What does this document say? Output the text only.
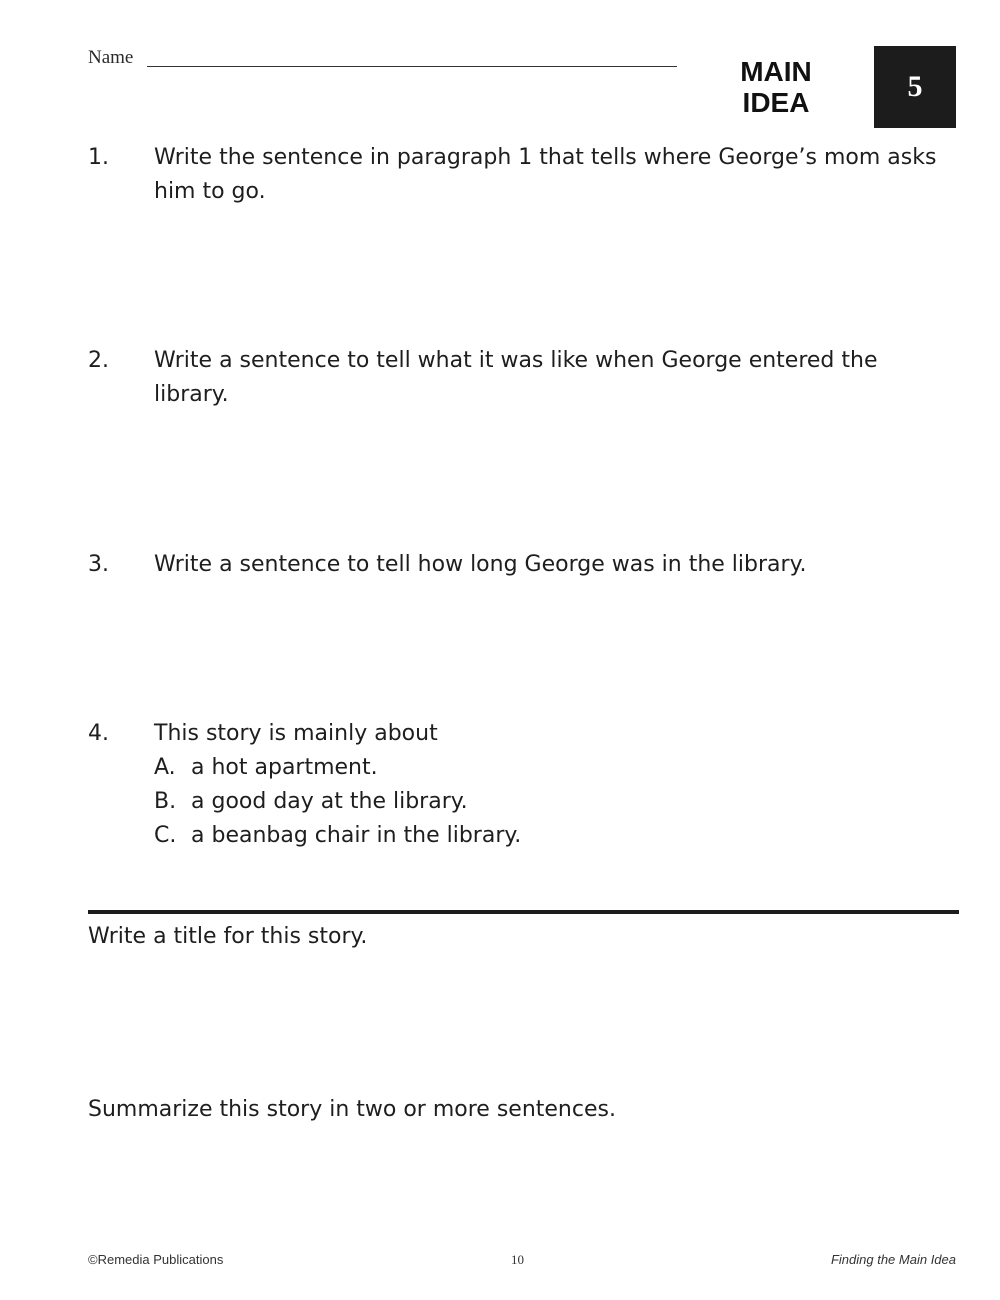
Name	MAIN
IDEA	5
1. Write the sentence in paragraph 1 that tells where George’s mom asks him to go.
2. Write a sentence to tell what it was like when George entered the library.
3. Write a sentence to tell how long George was in the library.
4. This story is mainly about
A. a hot apartment.
B. a good day at the library.
C. a beanbag chair in the library.
Write a title for this story.
Summarize this story in two or more sentences.
©Remedia Publications	10	Finding the Main Idea
